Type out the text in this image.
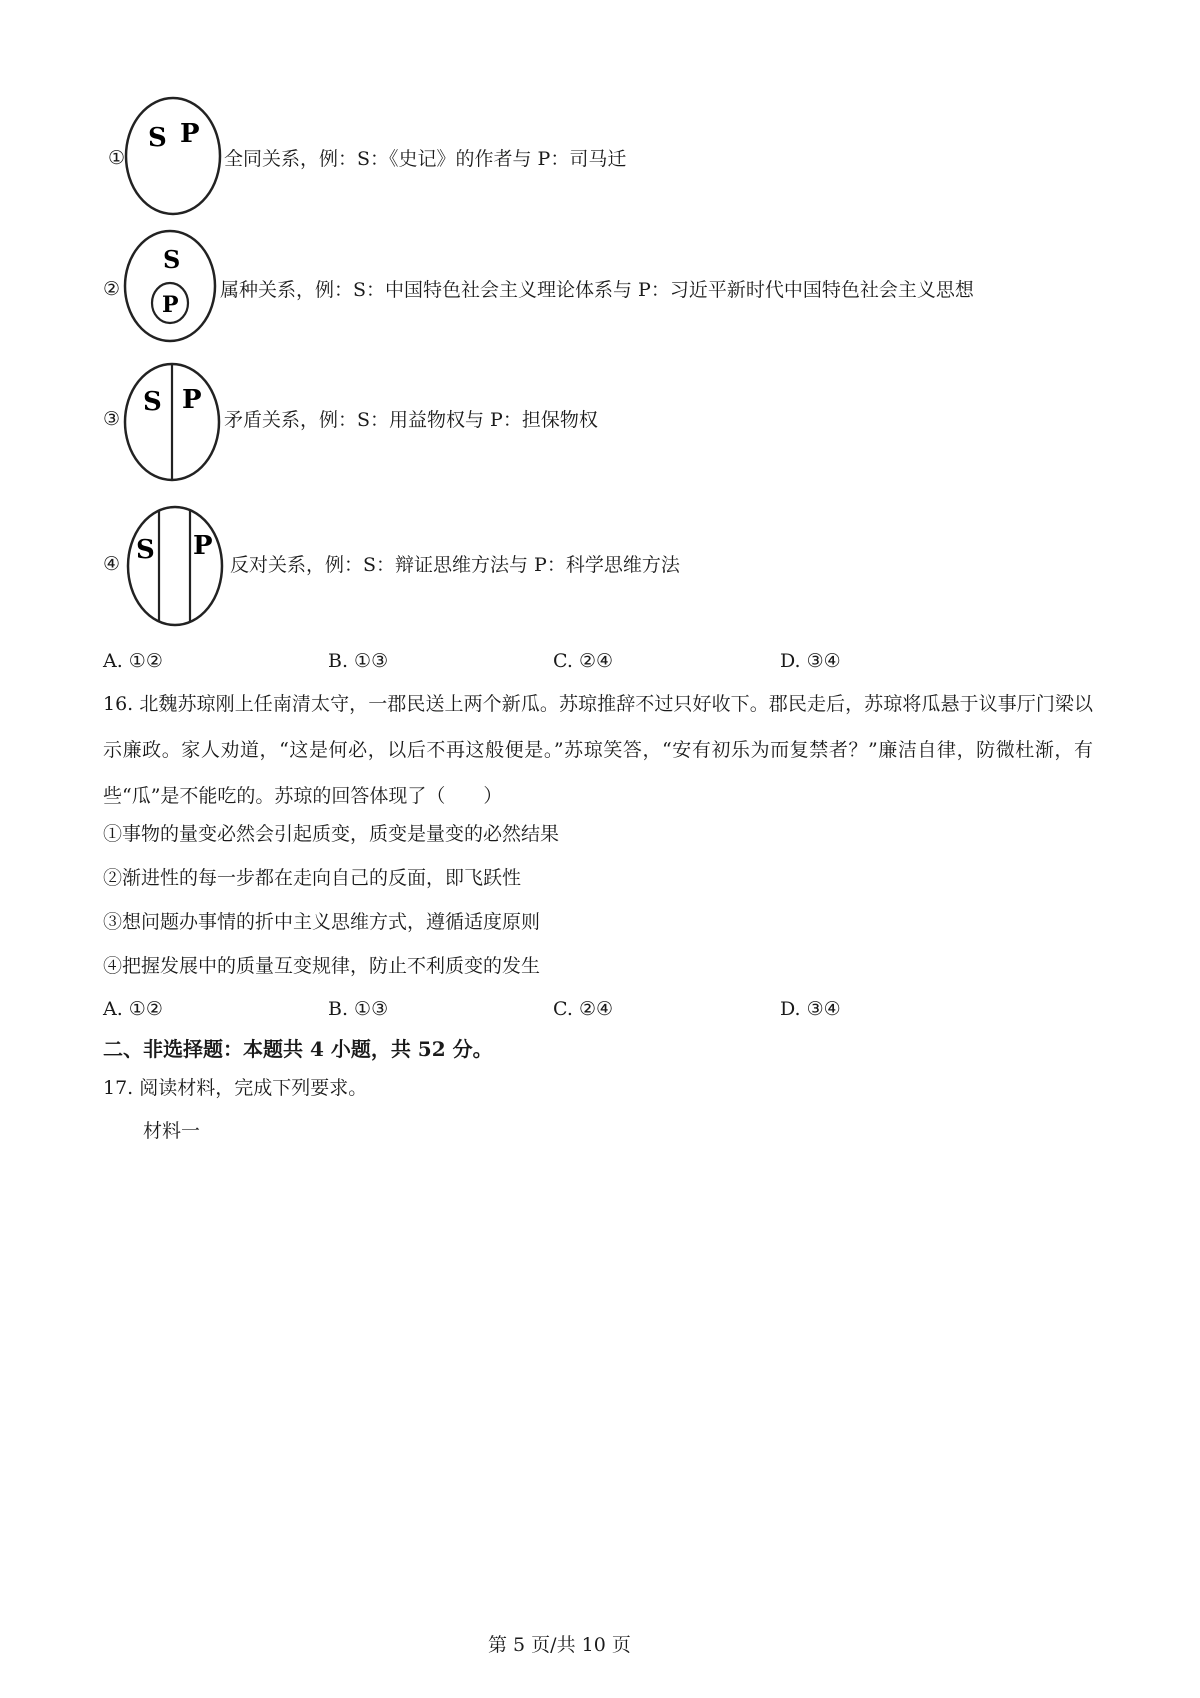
①
S P
全同关系，例：S：《史记》的作者与 P：司马迁
②
S
P
属种关系，例：S：中国特色社会主义理论体系与 P：习近平新时代中国特色社会主义思想
③
S P
矛盾关系，例：S：用益物权与 P：担保物权
④ S P
反对关系，例：S：辩证思维方法与 P：科学思维方法
A. ①②	B. ①③	C. ②④	D. ③④
16. 北魏苏琼刚上任南清太守，一郡民送上两个新瓜。苏琼推辞不过只好收下。郡民走后，苏琼将瓜悬于议事厅门梁以示廉政。家人劝道，“这是何必，以后不再这般便是。”苏琼笑答，“安有初乐为而复禁者？”廉洁自律，防微杜渐，有些“瓜”是不能吃的。苏琼的回答体现了（　　）
①事物的量变必然会引起质变，质变是量变的必然结果
②渐进性的每一步都在走向自己的反面，即飞跃性
③想问题办事情的折中主义思维方式，遵循适度原则
④把握发展中的质量互变规律，防止不利质变的发生
A. ①②	B. ①③	C. ②④	D. ③④
二、非选择题：本题共 4 小题，共 52 分。
17. 阅读材料，完成下列要求。
材料一
第 5 页/共 10 页
